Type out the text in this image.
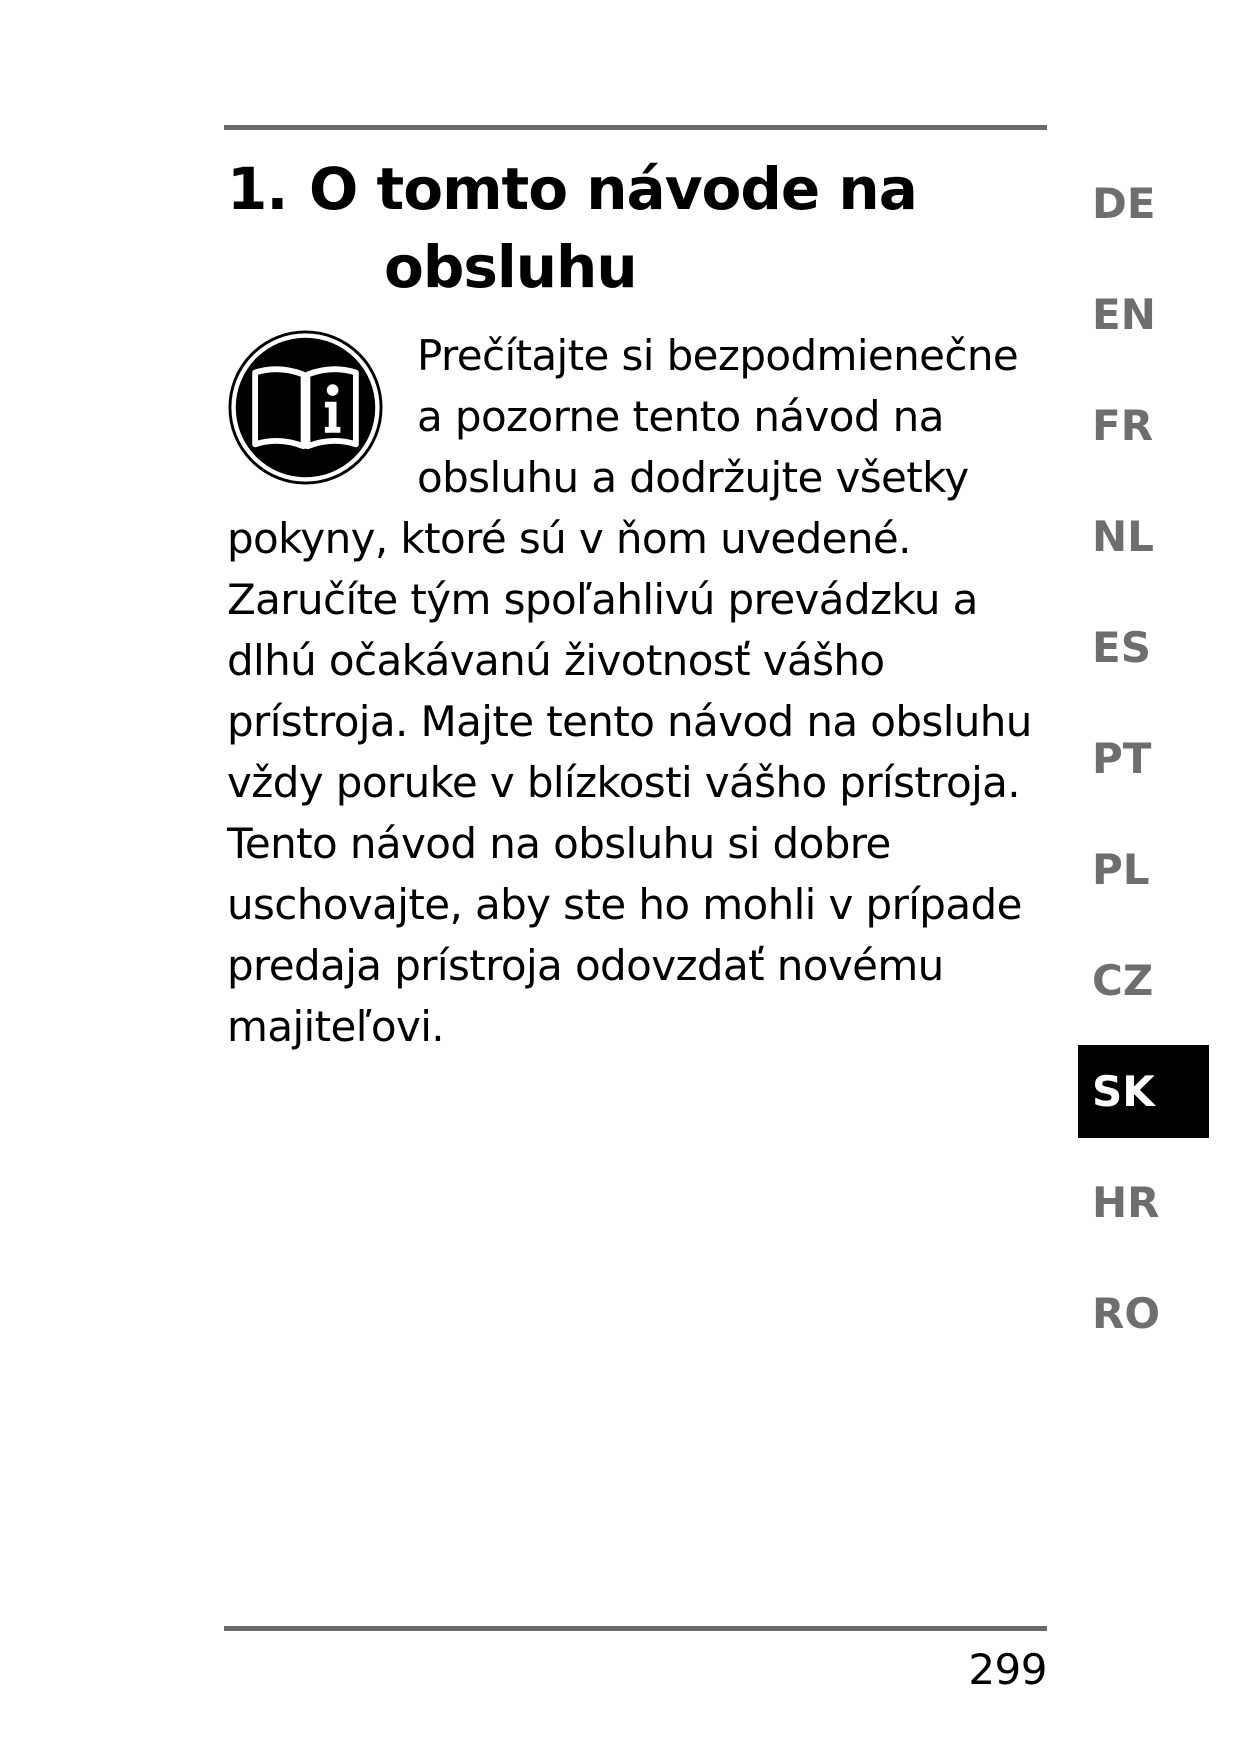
1. O tomto návode na
obsluhu
Prečítajte si bezpodmienečne
a pozorne tento návod na
obsluhu a dodržujte všetky
pokyny, ktoré sú v ňom uvedené.
Zaručíte tým spoľahlivú prevádzku a
dlhú očakávanú životnosť vášho
prístroja. Majte tento návod na obsluhu
vždy poruke v blízkosti vášho prístroja.
Tento návod na obsluhu si dobre
uschovajte, aby ste ho mohli v prípade
predaja prístroja odovzdať novému
majiteľovi.
DE
EN
FR
NL
ES
PT
PL
CZ
SK
HR
RO
299
